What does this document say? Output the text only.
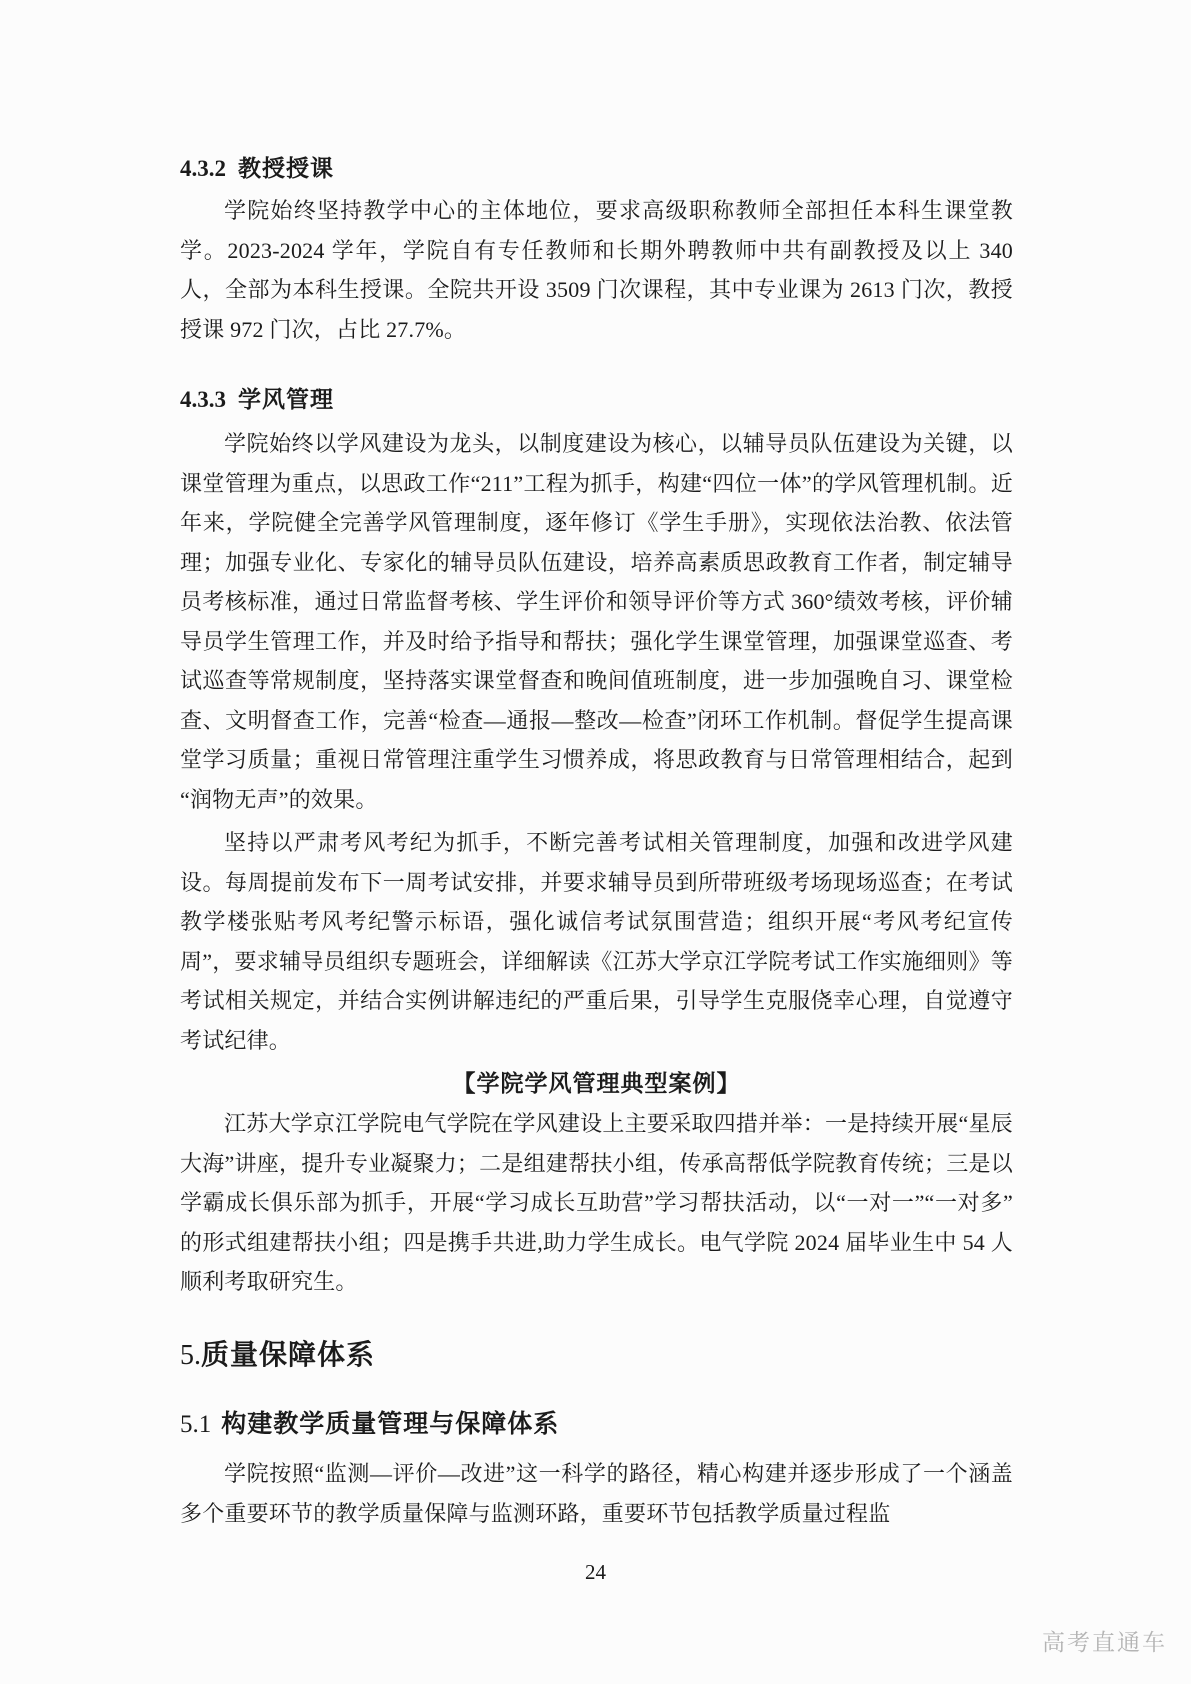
4.3.2 教授授课

学院始终坚持教学中心的主体地位，要求高级职称教师全部担任本科生课堂教学。2023-2024 学年，学院自有专任教师和长期外聘教师中共有副教授及以上 340 人，全部为本科生授课。全院共开设 3509 门次课程，其中专业课为 2613 门次，教授授课 972 门次，占比 27.7%。

4.3.3 学风管理

学院始终以学风建设为龙头，以制度建设为核心，以辅导员队伍建设为关键，以课堂管理为重点，以思政工作“211”工程为抓手，构建“四位一体”的学风管理机制。近年来，学院健全完善学风管理制度，逐年修订《学生手册》，实现依法治教、依法管理；加强专业化、专家化的辅导员队伍建设，培养高素质思政教育工作者，制定辅导员考核标准，通过日常监督考核、学生评价和领导评价等方式 360°绩效考核，评价辅导员学生管理工作，并及时给予指导和帮扶；强化学生课堂管理，加强课堂巡查、考试巡查等常规制度，坚持落实课堂督查和晚间值班制度，进一步加强晚自习、课堂检查、文明督查工作，完善“检查—通报—整改—检查”闭环工作机制。督促学生提高课堂学习质量；重视日常管理注重学生习惯养成，将思政教育与日常管理相结合，起到“润物无声”的效果。

坚持以严肃考风考纪为抓手，不断完善考试相关管理制度，加强和改进学风建设。每周提前发布下一周考试安排，并要求辅导员到所带班级考场现场巡查；在考试教学楼张贴考风考纪警示标语，强化诚信考试氛围营造；组织开展“考风考纪宣传周”，要求辅导员组织专题班会，详细解读《江苏大学京江学院考试工作实施细则》等考试相关规定，并结合实例讲解违纪的严重后果，引导学生克服侥幸心理，自觉遵守考试纪律。

【学院学风管理典型案例】

江苏大学京江学院电气学院在学风建设上主要采取四措并举：一是持续开展“星辰大海”讲座，提升专业凝聚力；二是组建帮扶小组，传承高帮低学院教育传统；三是以学霸成长俱乐部为抓手，开展“学习成长互助营”学习帮扶活动，以“一对一”“一对多”的形式组建帮扶小组；四是携手共进,助力学生成长。电气学院 2024 届毕业生中 54 人顺利考取研究生。

5.质量保障体系
5.1 构建教学质量管理与保障体系

学院按照“监测—评价—改进”这一科学的路径，精心构建并逐步形成了一个涵盖多个重要环节的教学质量保障与监测环路，重要环节包括教学质量过程监

24
高考直通车
